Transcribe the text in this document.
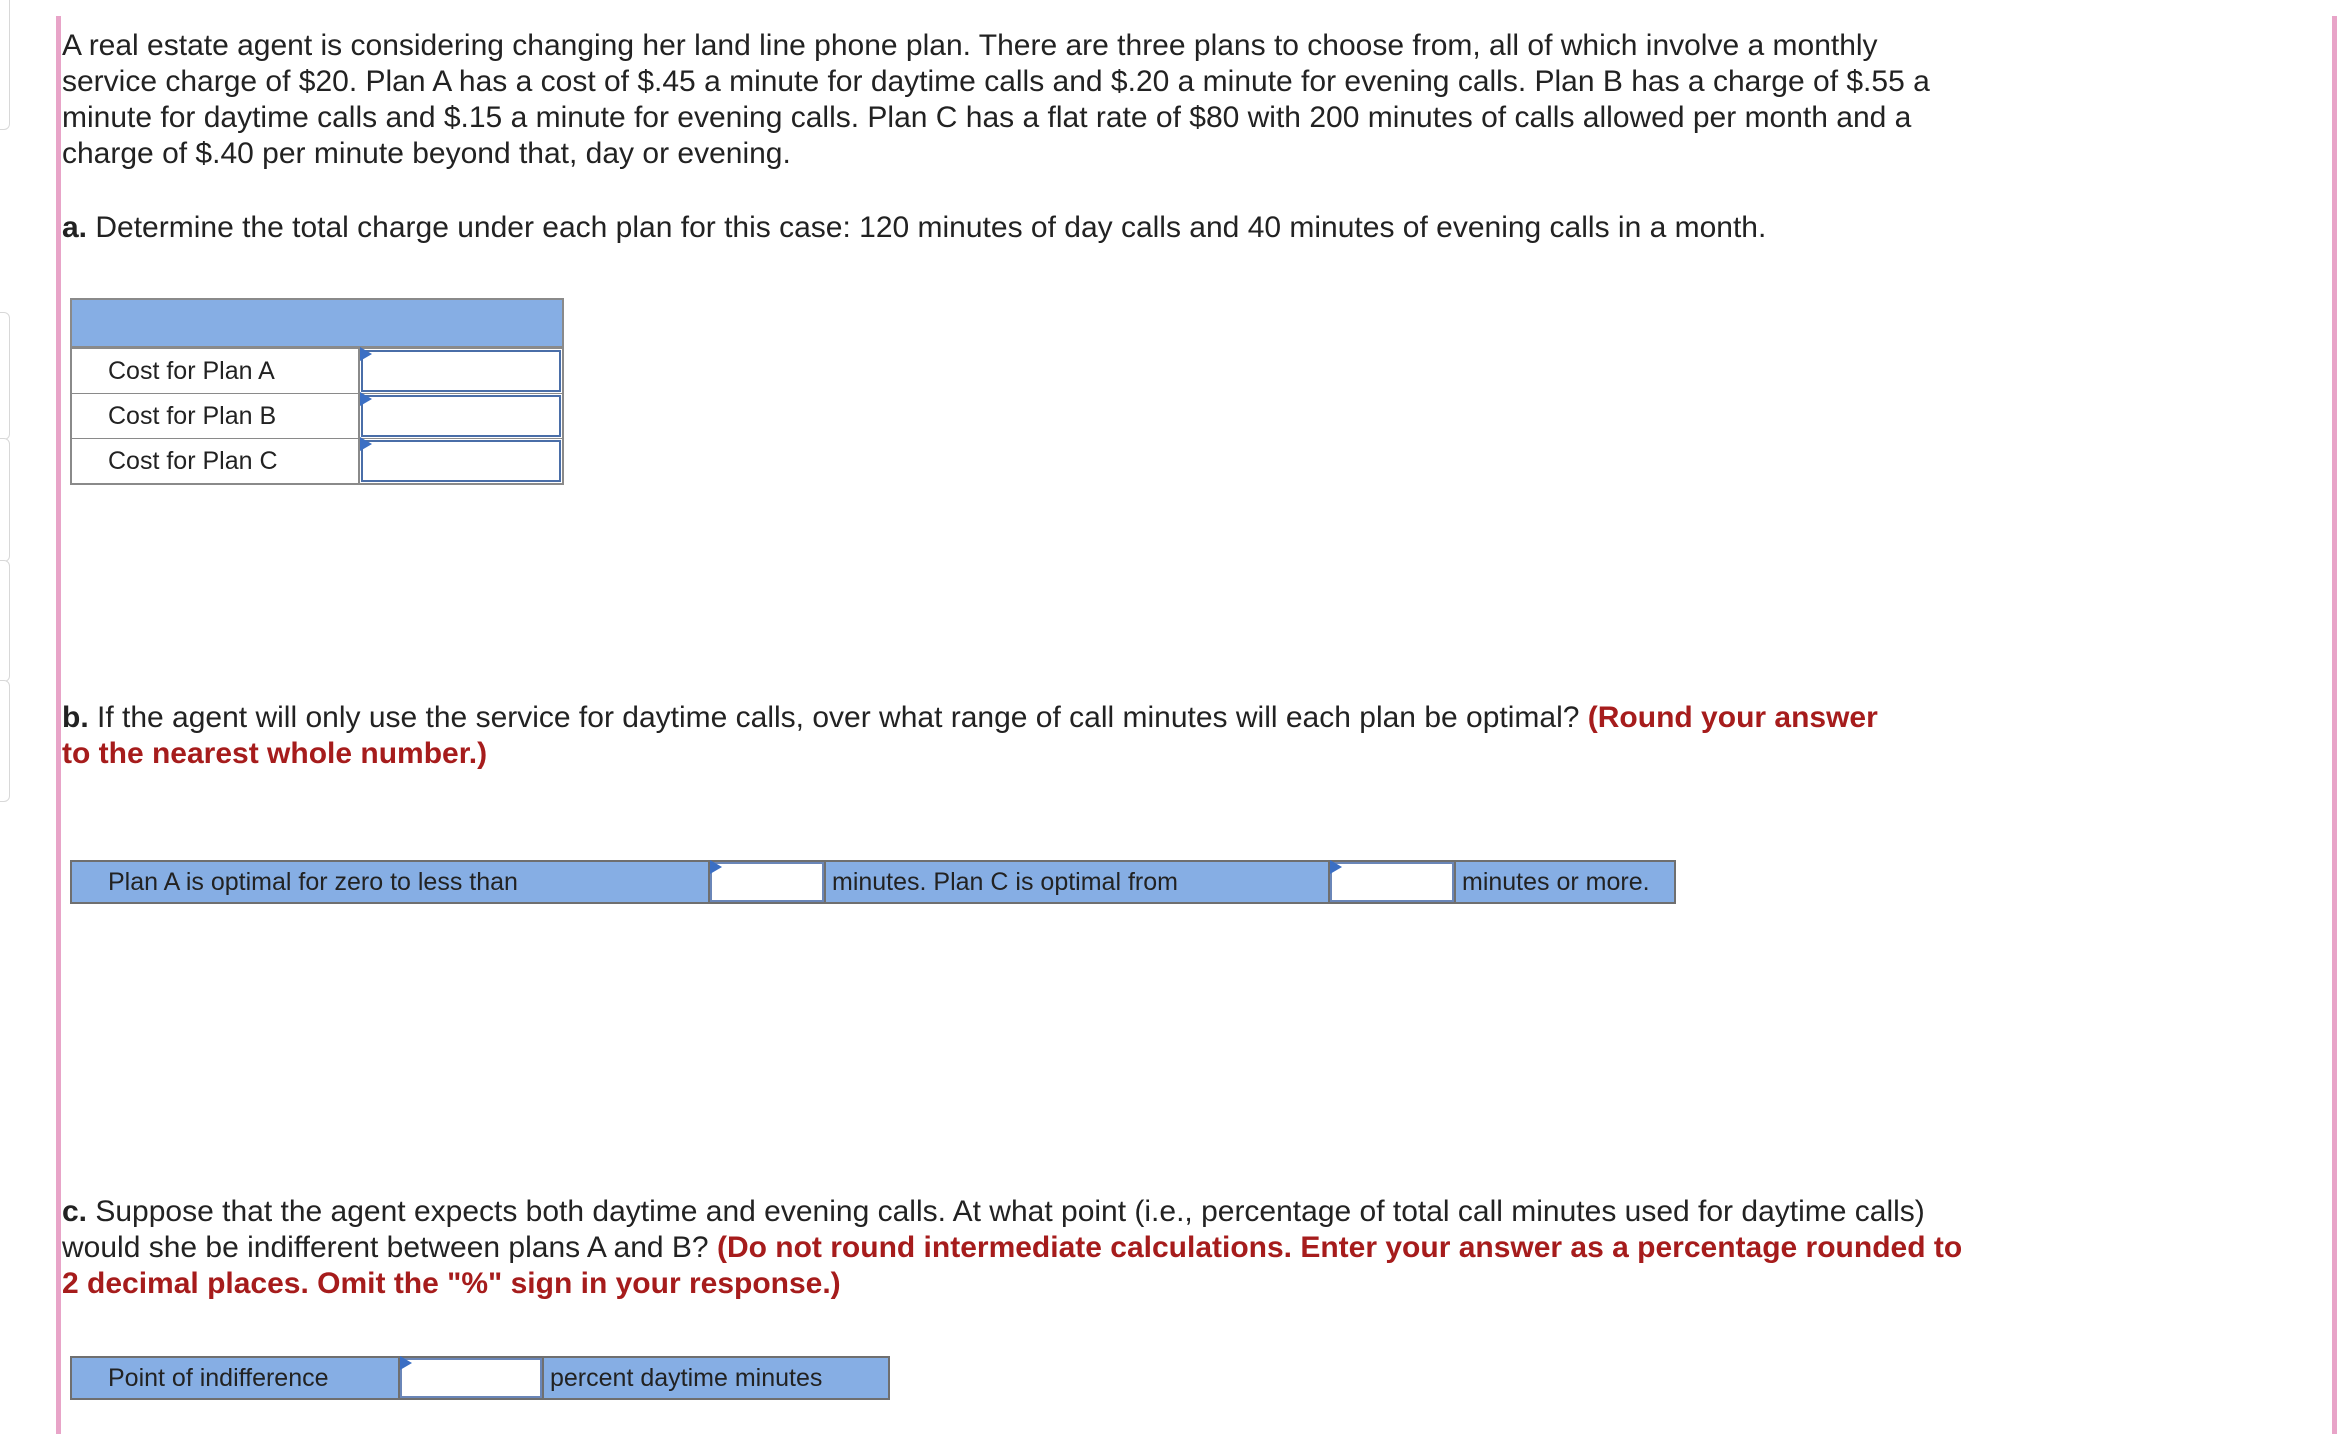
A real estate agent is considering changing her land line phone plan. There are three plans to choose from, all of which involve a monthly service charge of $20. Plan A has a cost of $.45 a minute for daytime calls and $.20 a minute for evening calls. Plan B has a charge of $.55 a minute for daytime calls and $.15 a minute for evening calls. Plan C has a flat rate of $80 with 200 minutes of calls allowed per month and a charge of $.40 per minute beyond that, day or evening.

a. Determine the total charge under each plan for this case: 120 minutes of day calls and 40 minutes of evening calls in a month.

b. If the agent will only use the service for daytime calls, over what range of call minutes will each plan be optimal? (Round your answer to the nearest whole number.)

c. Suppose that the agent expects both daytime and evening calls. At what point (i.e., percentage of total call minutes used for daytime calls) would she be indifferent between plans A and B? (Do not round intermediate calculations. Enter your answer as a percentage rounded to 2 decimal places. Omit the "%" sign in your response.)

Cost for Plan A
Cost for Plan B
Cost for Plan C
Plan A is optimal for zero to less than	minutes. Plan C is optimal from	minutes or more.
Point of indifference	percent daytime minutes
